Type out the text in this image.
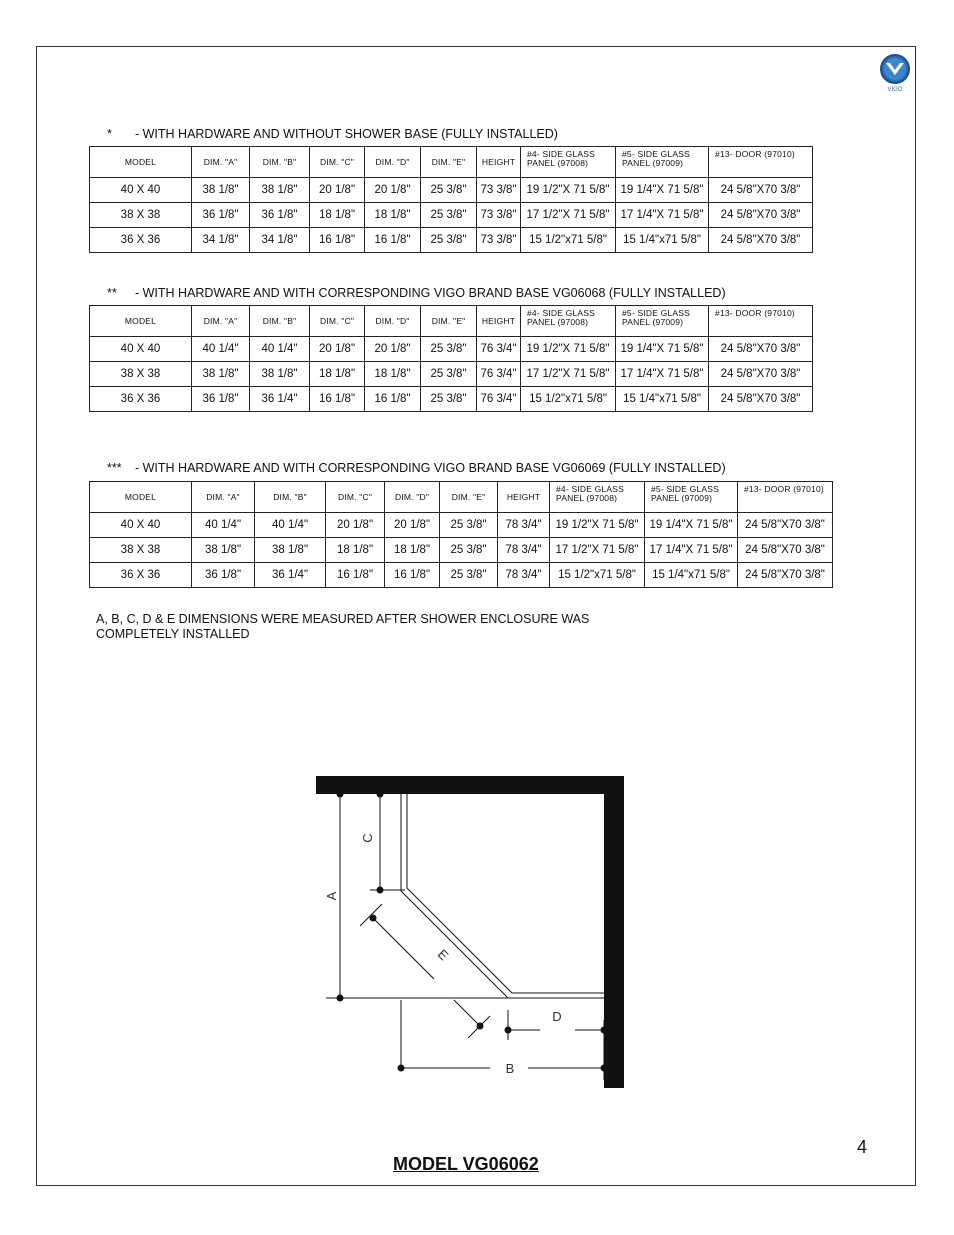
VIGO
* - WITH HARDWARE AND WITHOUT SHOWER BASE (FULLY INSTALLED)
MODEL	DIM. "A"	DIM. "B"	DIM. "C"	DIM. "D"	DIM. "E"	HEIGHT	#4- SIDE GLASS PANEL (97008)	#5- SIDE GLASS PANEL (97009)	#13- DOOR (97010)
40 X 40	38 1/8"	38 1/8"	20 1/8"	20 1/8"	25 3/8"	73 3/8"	19 1/2"X 71 5/8"	19 1/4"X 71 5/8"	24 5/8"X70 3/8"
38 X 38	36 1/8"	36 1/8"	18 1/8"	18 1/8"	25 3/8"	73 3/8"	17 1/2"X 71 5/8"	17 1/4"X 71 5/8"	24 5/8"X70 3/8"
36 X 36	34 1/8"	34 1/8"	16 1/8"	16 1/8"	25 3/8"	73 3/8"	15 1/2"x71 5/8"	15 1/4"x71 5/8"	24 5/8"X70 3/8"
** - WITH HARDWARE AND WITH CORRESPONDING VIGO BRAND BASE VG06068 (FULLY INSTALLED)
MODEL	DIM. "A"	DIM. "B"	DIM. "C"	DIM. "D"	DIM. "E"	HEIGHT	#4- SIDE GLASS PANEL (97008)	#5- SIDE GLASS PANEL (97009)	#13- DOOR (97010)
40 X 40	40 1/4"	40 1/4"	20 1/8"	20 1/8"	25 3/8"	76 3/4"	19 1/2"X 71 5/8"	19 1/4"X 71 5/8"	24 5/8"X70 3/8"
38 X 38	38 1/8"	38 1/8"	18 1/8"	18 1/8"	25 3/8"	76 3/4"	17 1/2"X 71 5/8"	17 1/4"X 71 5/8"	24 5/8"X70 3/8"
36 X 36	36 1/8"	36 1/4"	16 1/8"	16 1/8"	25 3/8"	76 3/4"	15 1/2"x71 5/8"	15 1/4"x71 5/8"	24 5/8"X70 3/8"
*** - WITH HARDWARE AND WITH CORRESPONDING VIGO BRAND BASE VG06069 (FULLY INSTALLED)
MODEL	DIM. "A"	DIM. "B"	DIM. "C"	DIM. "D"	DIM. "E"	HEIGHT	#4- SIDE GLASS PANEL (97008)	#5- SIDE GLASS PANEL (97009)	#13- DOOR (97010)
40 X 40	40 1/4"	40 1/4"	20 1/8"	20 1/8"	25 3/8"	78 3/4"	19 1/2"X 71 5/8"	19 1/4"X 71 5/8"	24 5/8"X70 3/8"
38 X 38	38 1/8"	38 1/8"	18 1/8"	18 1/8"	25 3/8"	78 3/4"	17 1/2"X 71 5/8"	17 1/4"X 71 5/8"	24 5/8"X70 3/8"
36 X 36	36 1/8"	36 1/4"	16 1/8"	16 1/8"	25 3/8"	78 3/4"	15 1/2"x71 5/8"	15 1/4"x71 5/8"	24 5/8"X70 3/8"
A, B, C, D & E DIMENSIONS WERE MEASURED AFTER SHOWER ENCLOSURE WAS COMPLETELY INSTALLED
A
C
E
D
B
4
MODEL VG06062
